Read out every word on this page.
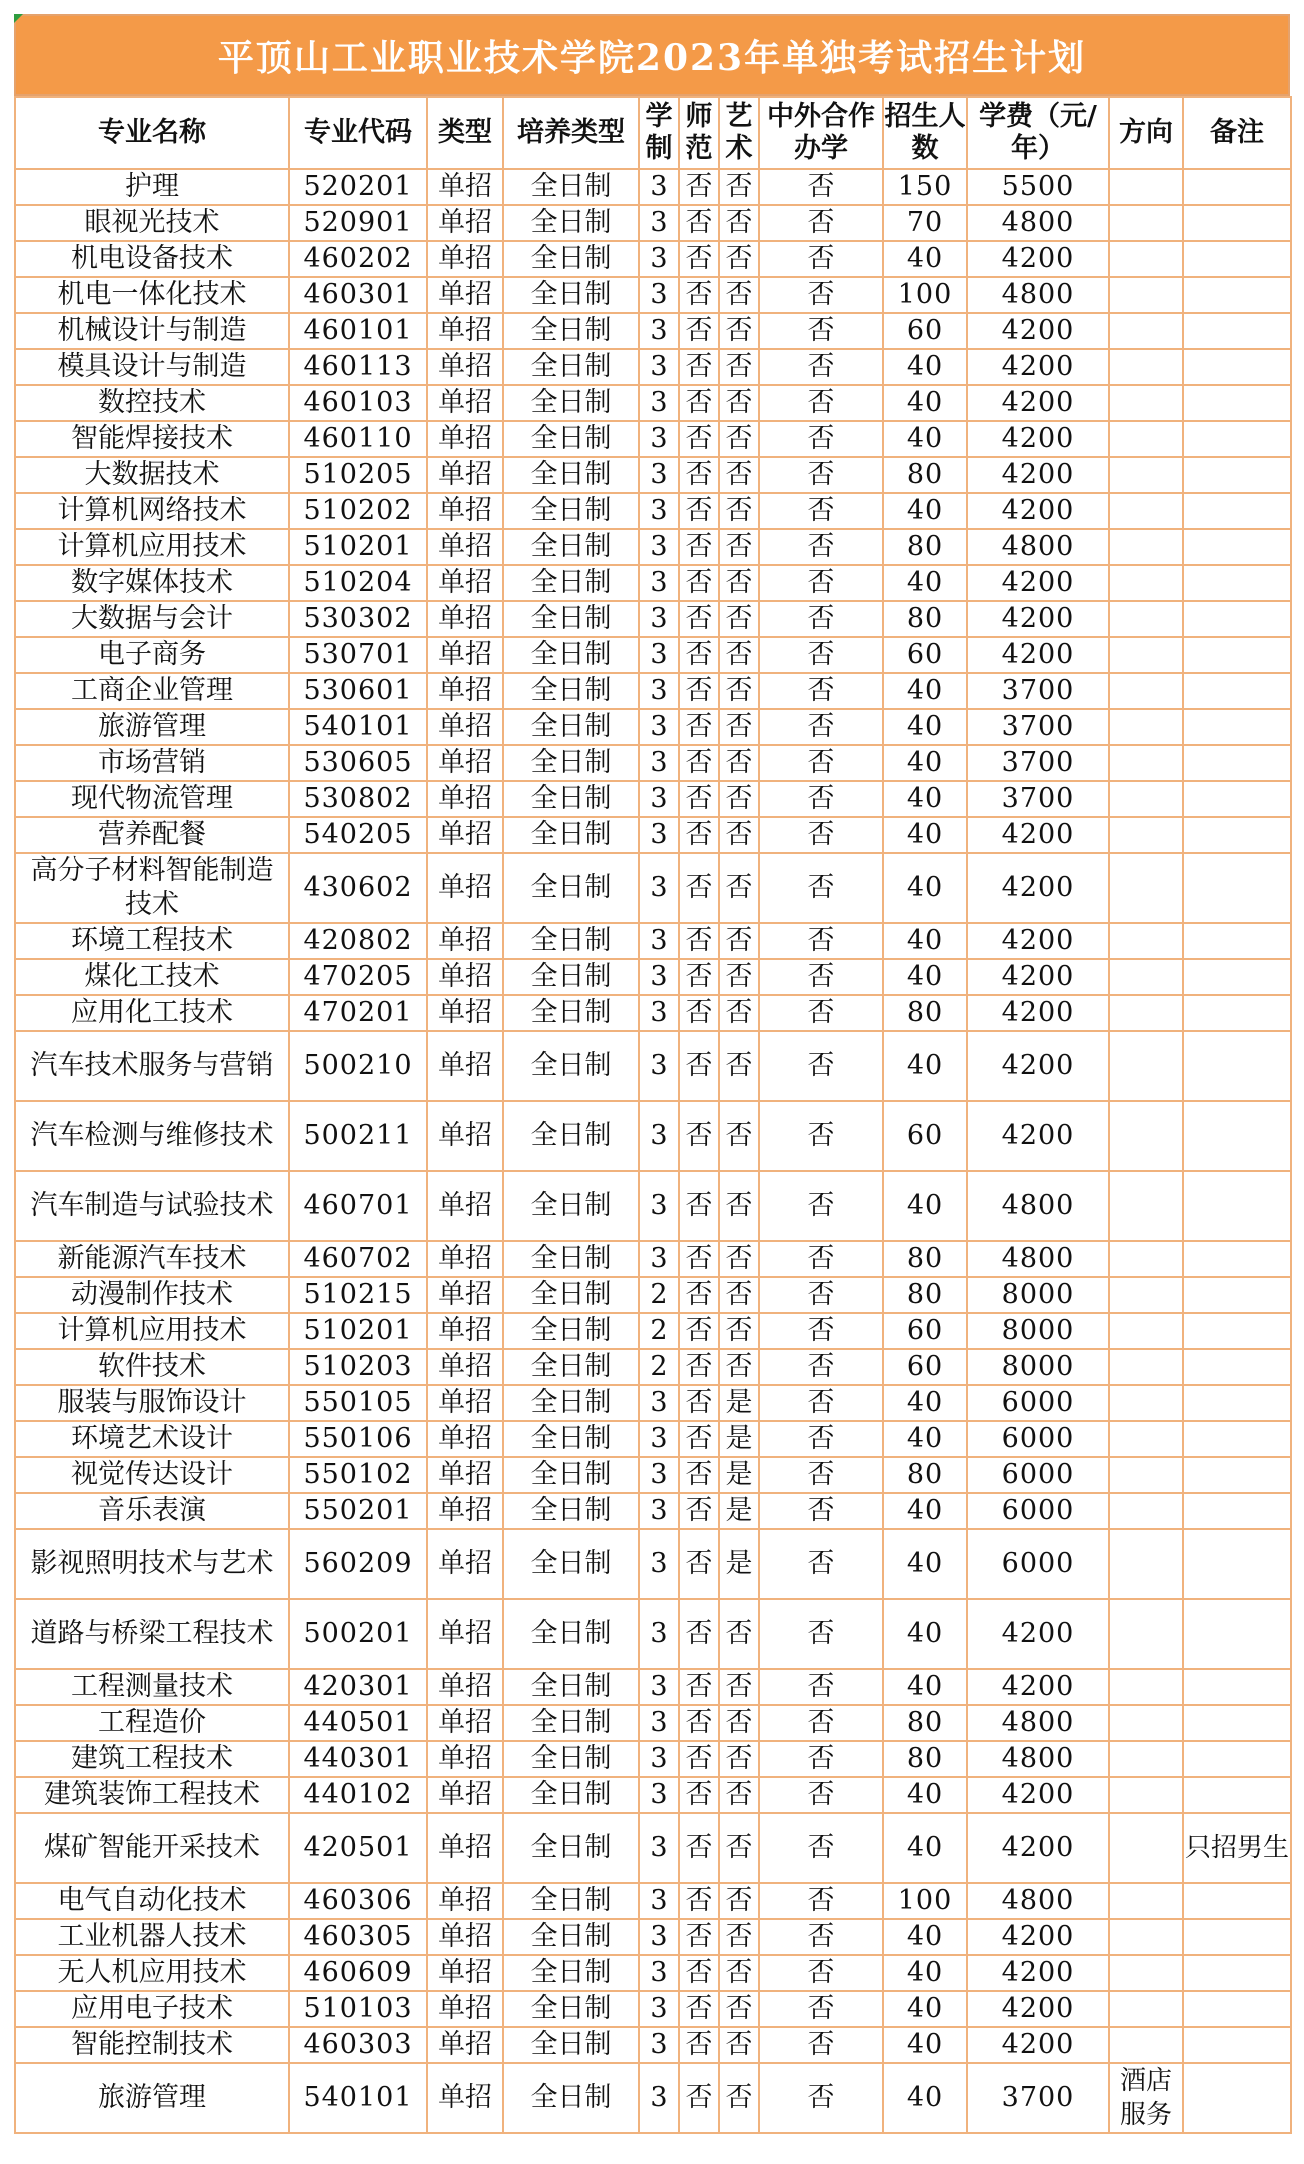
平顶山工业职业技术学院2023年单独考试招生计划
专业名称	专业代码	类型	培养类型	学制	师范	艺术	中外合作办学	招生人数	学费（元/年）	方向	备注
护理	520201	单招	全日制	3	否	否	否	150	5500		
眼视光技术	520901	单招	全日制	3	否	否	否	70	4800		
机电设备技术	460202	单招	全日制	3	否	否	否	40	4200		
机电一体化技术	460301	单招	全日制	3	否	否	否	100	4800		
机械设计与制造	460101	单招	全日制	3	否	否	否	60	4200		
模具设计与制造	460113	单招	全日制	3	否	否	否	40	4200		
数控技术	460103	单招	全日制	3	否	否	否	40	4200		
智能焊接技术	460110	单招	全日制	3	否	否	否	40	4200		
大数据技术	510205	单招	全日制	3	否	否	否	80	4200		
计算机网络技术	510202	单招	全日制	3	否	否	否	40	4200		
计算机应用技术	510201	单招	全日制	3	否	否	否	80	4800		
数字媒体技术	510204	单招	全日制	3	否	否	否	40	4200		
大数据与会计	530302	单招	全日制	3	否	否	否	80	4200		
电子商务	530701	单招	全日制	3	否	否	否	60	4200		
工商企业管理	530601	单招	全日制	3	否	否	否	40	3700		
旅游管理	540101	单招	全日制	3	否	否	否	40	3700		
市场营销	530605	单招	全日制	3	否	否	否	40	3700		
现代物流管理	530802	单招	全日制	3	否	否	否	40	3700		
营养配餐	540205	单招	全日制	3	否	否	否	40	4200		
高分子材料智能制造技术	430602	单招	全日制	3	否	否	否	40	4200		
环境工程技术	420802	单招	全日制	3	否	否	否	40	4200		
煤化工技术	470205	单招	全日制	3	否	否	否	40	4200		
应用化工技术	470201	单招	全日制	3	否	否	否	80	4200		
汽车技术服务与营销	500210	单招	全日制	3	否	否	否	40	4200		
汽车检测与维修技术	500211	单招	全日制	3	否	否	否	60	4200		
汽车制造与试验技术	460701	单招	全日制	3	否	否	否	40	4800		
新能源汽车技术	460702	单招	全日制	3	否	否	否	80	4800		
动漫制作技术	510215	单招	全日制	2	否	否	否	80	8000		
计算机应用技术	510201	单招	全日制	2	否	否	否	60	8000		
软件技术	510203	单招	全日制	2	否	否	否	60	8000		
服装与服饰设计	550105	单招	全日制	3	否	是	否	40	6000		
环境艺术设计	550106	单招	全日制	3	否	是	否	40	6000		
视觉传达设计	550102	单招	全日制	3	否	是	否	80	6000		
音乐表演	550201	单招	全日制	3	否	是	否	40	6000		
影视照明技术与艺术	560209	单招	全日制	3	否	是	否	40	6000		
道路与桥梁工程技术	500201	单招	全日制	3	否	否	否	40	4200		
工程测量技术	420301	单招	全日制	3	否	否	否	40	4200		
工程造价	440501	单招	全日制	3	否	否	否	80	4800		
建筑工程技术	440301	单招	全日制	3	否	否	否	80	4800		
建筑装饰工程技术	440102	单招	全日制	3	否	否	否	40	4200		
煤矿智能开采技术	420501	单招	全日制	3	否	否	否	40	4200		只招男生
电气自动化技术	460306	单招	全日制	3	否	否	否	100	4800		
工业机器人技术	460305	单招	全日制	3	否	否	否	40	4200		
无人机应用技术	460609	单招	全日制	3	否	否	否	40	4200		
应用电子技术	510103	单招	全日制	3	否	否	否	40	4200		
智能控制技术	460303	单招	全日制	3	否	否	否	40	4200		
旅游管理	540101	单招	全日制	3	否	否	否	40	3700	酒店服务	
